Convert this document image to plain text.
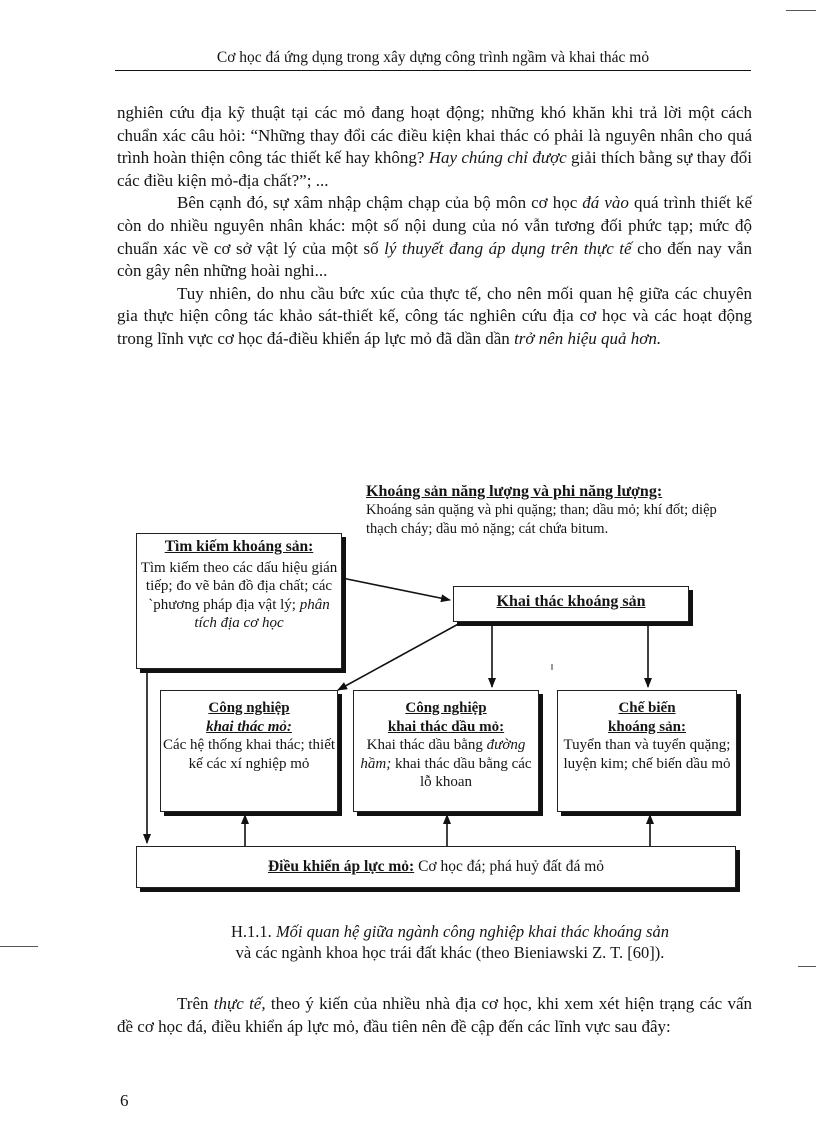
Cơ học đá ứng dụng trong xây dựng công trình ngầm và khai thác mỏ

nghiên cứu địa kỹ thuật tại các mỏ đang hoạt động; những khó khăn khi trả lời một cách chuẩn xác câu hỏi: “Những thay đổi các điều kiện khai thác có phải là nguyên nhân cho quá trình hoàn thiện công tác thiết kế hay không? Hay chúng chỉ được giải thích bằng sự thay đổi các điều kiện mỏ-địa chất?”; ...

Bên cạnh đó, sự xâm nhập chậm chạp của bộ môn cơ học đá vào quá trình thiết kế còn do nhiều nguyên nhân khác: một số nội dung của nó vẫn tương đối phức tạp; mức độ chuẩn xác về cơ sở vật lý của một số lý thuyết đang áp dụng trên thực tế cho đến nay vẫn còn gây nên những hoài nghi...

Tuy nhiên, do nhu cầu bức xúc của thực tế, cho nên mối quan hệ giữa các chuyên gia thực hiện công tác khảo sát-thiết kế, công tác nghiên cứu địa cơ học và các hoạt động trong lĩnh vực cơ học đá-điều khiển áp lực mỏ đã dần dần trở nên hiệu quả hơn.

Khoáng sản năng lượng và phi năng lượng:
Khoáng sản quặng và phi quặng; than; dầu mỏ; khí đốt; diệp thạch cháy; dầu mỏ nặng; cát chứa bitum.
Tìm kiếm khoáng sản:
Tìm kiếm theo các dấu hiệu gián tiếp; đo vẽ bản đồ địa chất; các `phương pháp địa vật lý; phân tích địa cơ học
Khai thác khoáng sản
Công nghiệp
khai thác mỏ:
Các hệ thống khai thác; thiết kế các xí nghiệp mỏ
Công nghiệp
khai thác dầu mỏ:
Khai thác dầu bằng đường hầm; khai thác dầu bằng các lỗ khoan
Chế biến
khoáng sản:
Tuyển than và tuyển quặng; luyện kim; chế biến dầu mỏ
Điều khiển áp lực mỏ: Cơ học đá; phá huỷ đất đá mỏ
H.1.1. Mối quan hệ giữa ngành công nghiệp khai thác khoáng sản
và các ngành khoa học trái đất khác (theo Bieniawski Z. T. [60]).

Trên thực tế, theo ý kiến của nhiều nhà địa cơ học, khi xem xét hiện trạng các vấn đề cơ học đá, điều khiển áp lực mỏ, đầu tiên nên đề cập đến các lĩnh vực sau đây:

6
